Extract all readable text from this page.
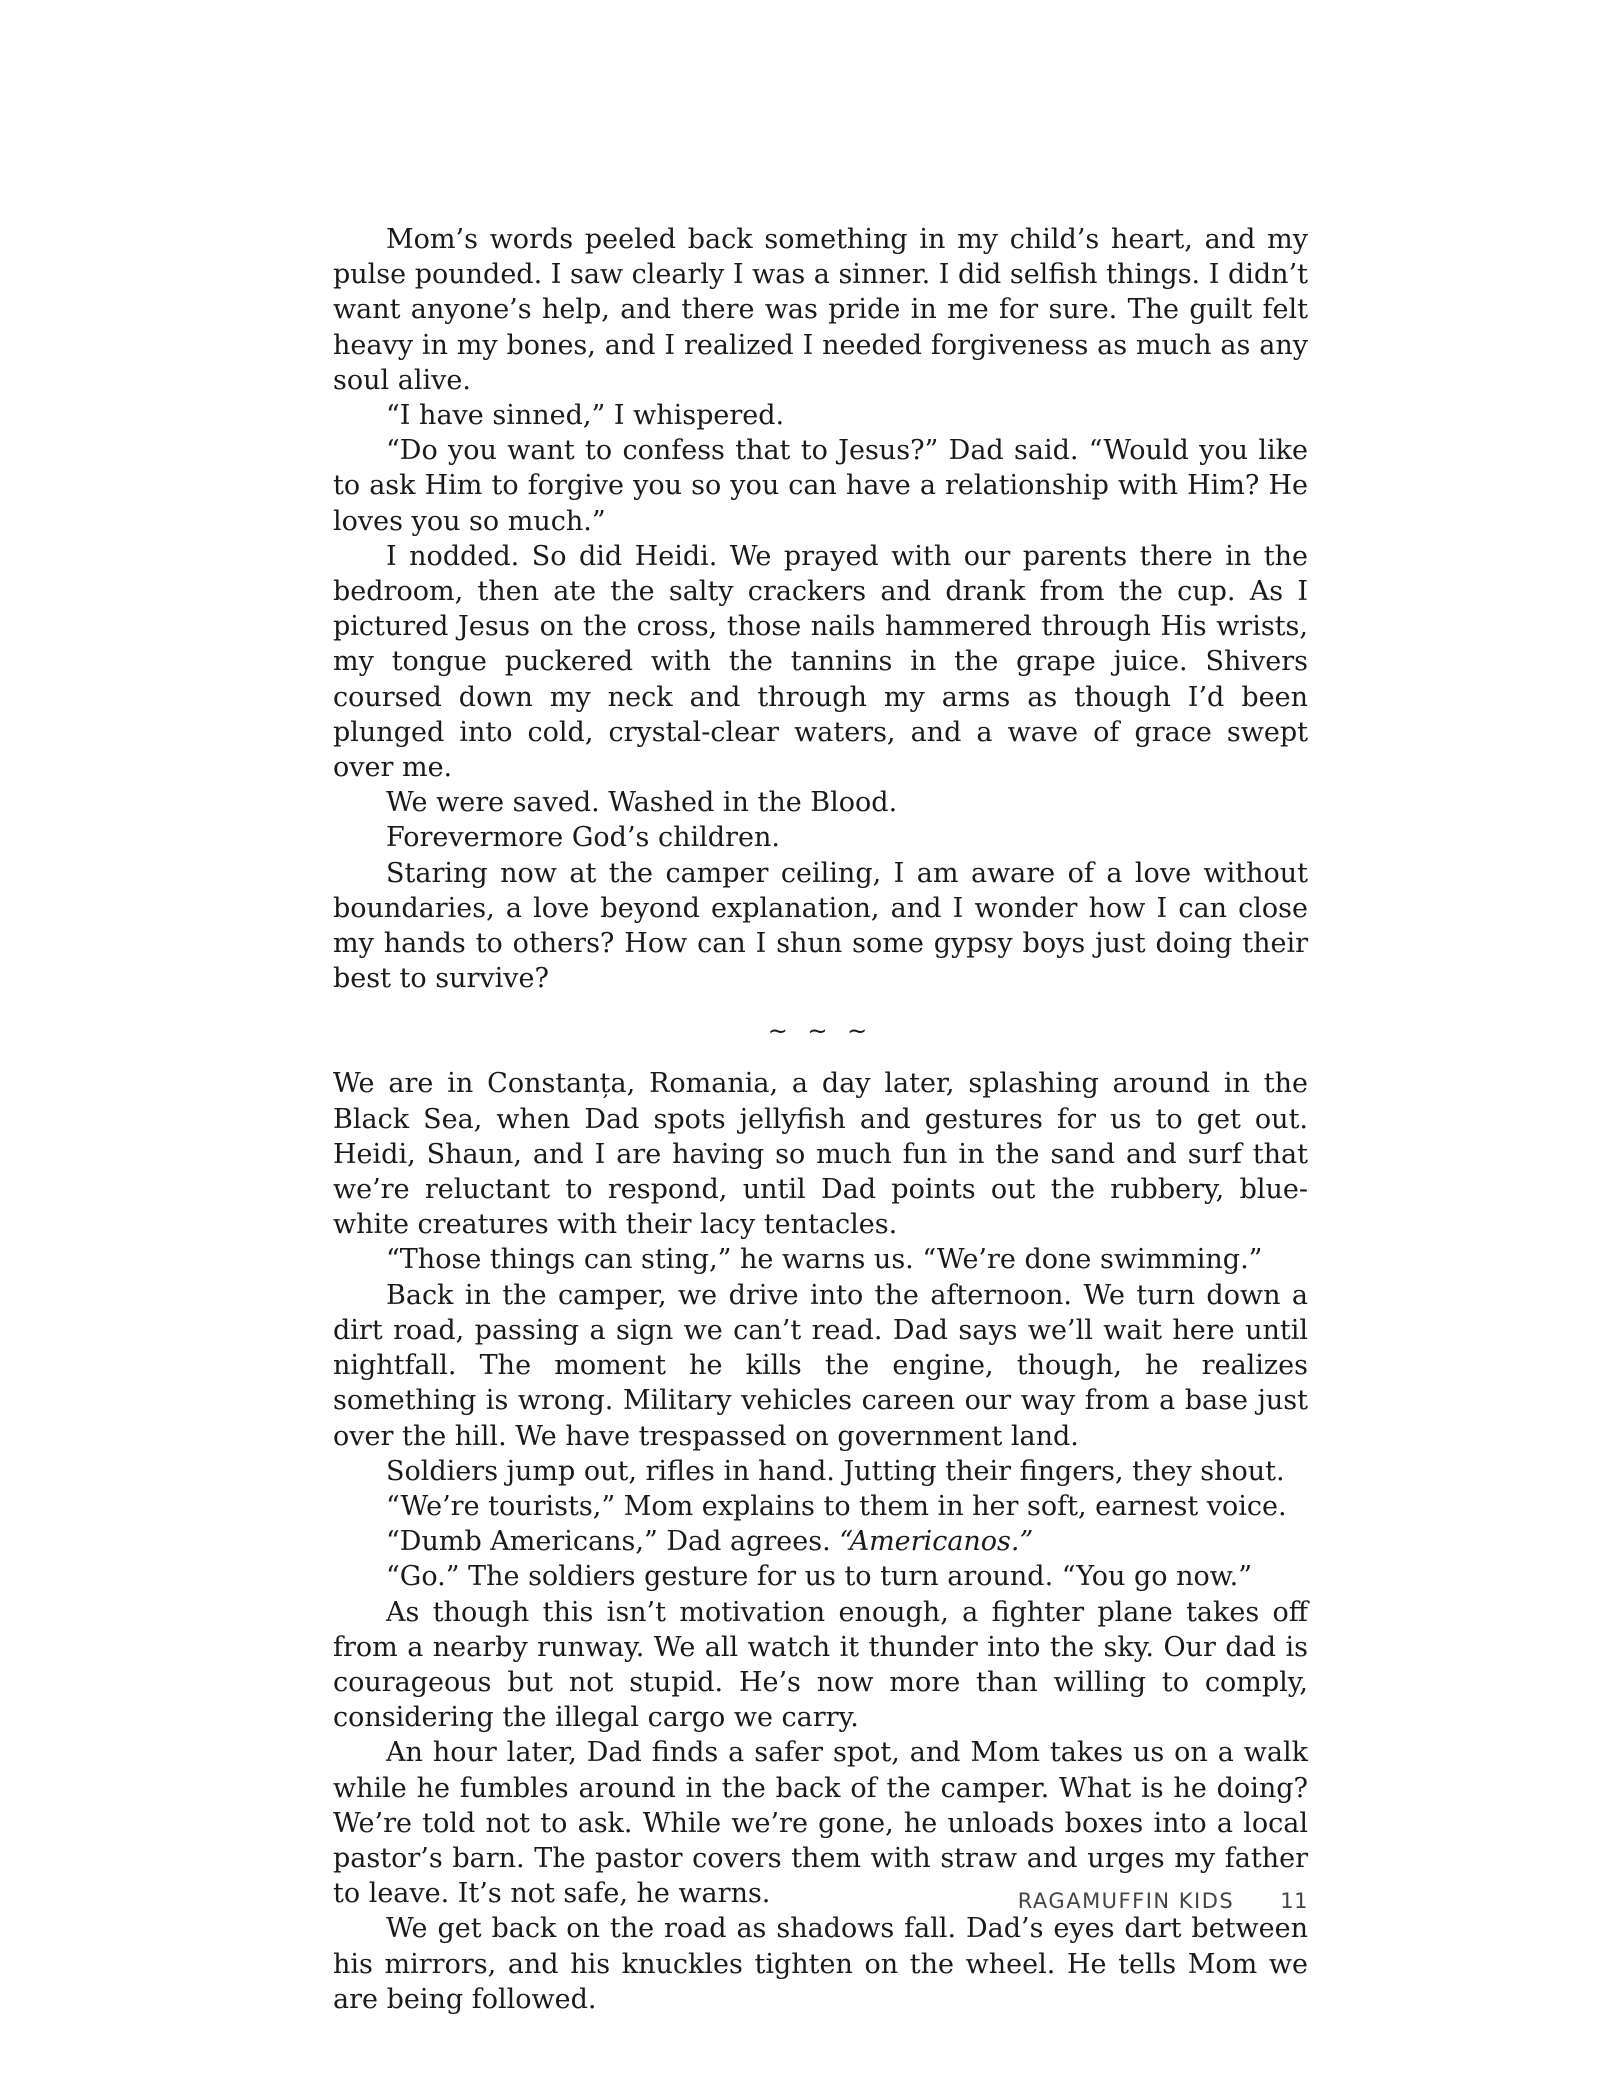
Mom’s words peeled back something in my child’s heart, and my pulse pounded. I saw clearly I was a sinner. I did selfish things. I didn’t want anyone’s help, and there was pride in me for sure. The guilt felt heavy in my bones, and I realized I needed forgiveness as much as any soul alive.

“I have sinned,” I whispered.

“Do you want to confess that to Jesus?” Dad said. “Would you like to ask Him to forgive you so you can have a relationship with Him? He loves you so much.”

I nodded. So did Heidi. We prayed with our parents there in the bedroom, then ate the salty crackers and drank from the cup. As I pictured Jesus on the cross, those nails hammered through His wrists, my tongue puckered with the tannins in the grape juice. Shivers coursed down my neck and through my arms as though I’d been plunged into cold, crystal-clear waters, and a wave of grace swept over me.

We were saved. Washed in the Blood.

Forevermore God’s children.

Staring now at the camper ceiling, I am aware of a love without boundaries, a love beyond explanation, and I wonder how I can close my hands to others? How can I shun some gypsy boys just doing their best to survive?

~ ~ ~

We are in Constanța, Romania, a day later, splashing around in the Black Sea, when Dad spots jellyfish and gestures for us to get out. Heidi, Shaun, and I are having so much fun in the sand and surf that we’re reluctant to respond, until Dad points out the rubbery, blue-white creatures with their lacy tentacles.

“Those things can sting,” he warns us. “We’re done swimming.”

Back in the camper, we drive into the afternoon. We turn down a dirt road, passing a sign we can’t read. Dad says we’ll wait here until nightfall. The moment he kills the engine, though, he realizes something is wrong. Military vehicles careen our way from a base just over the hill. We have trespassed on government land.

Soldiers jump out, rifles in hand. Jutting their fingers, they shout.

“We’re tourists,” Mom explains to them in her soft, earnest voice.

“Dumb Americans,” Dad agrees. “Americanos.”

“Go.” The soldiers gesture for us to turn around. “You go now.”

As though this isn’t motivation enough, a fighter plane takes off from a nearby runway. We all watch it thunder into the sky. Our dad is courageous but not stupid. He’s now more than willing to comply, considering the illegal cargo we carry.

An hour later, Dad finds a safer spot, and Mom takes us on a walk while he fumbles around in the back of the camper. What is he doing? We’re told not to ask. While we’re gone, he unloads boxes into a local pastor’s barn. The pastor covers them with straw and urges my father to leave. It’s not safe, he warns.

We get back on the road as shadows fall. Dad’s eyes dart between his mirrors, and his knuckles tighten on the wheel. He tells Mom we are being followed.

RAGAMUFFIN KIDS 11
